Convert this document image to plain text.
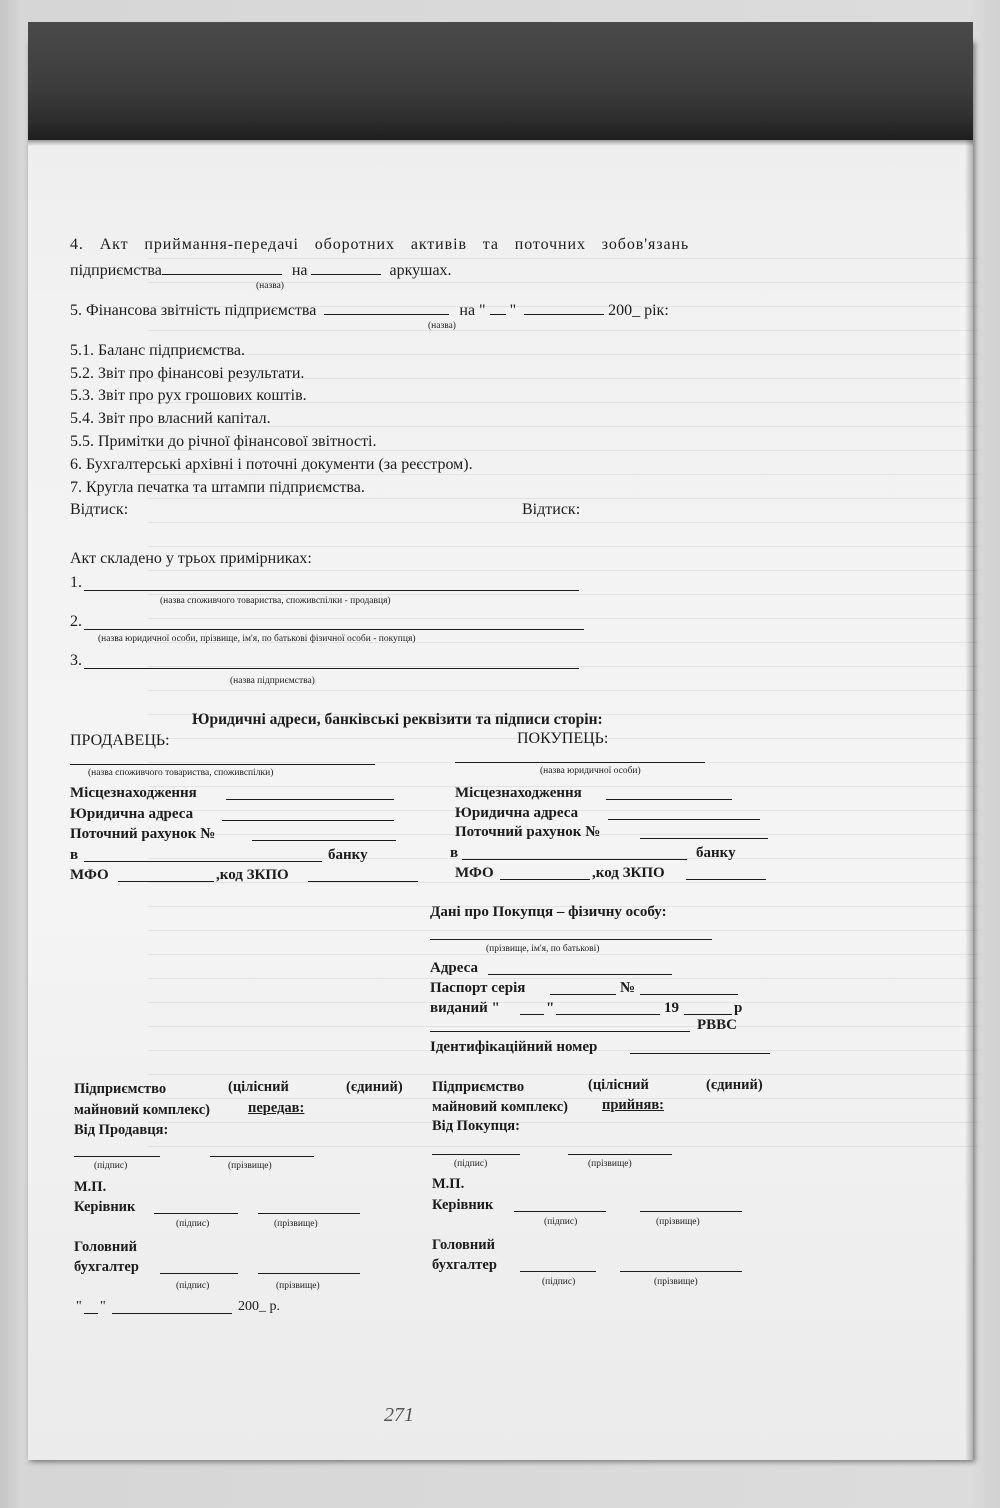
4. Акт приймання-передачі оборотних активів та поточних зобов'язань
підприємства	на	аркушах.
(назва)
5. Фінансова звітність підприємства	на "  "	200_ рік:
(назва)
5.1. Баланс підприємства.
5.2. Звіт про фінансові результати.
5.3. Звіт про рух грошових коштів.
5.4. Звіт про власний капітал.
5.5. Примітки до річної фінансової звітності.
6. Бухгалтерські архівні і поточні документи (за реєстром).
7. Кругла печатка та штампи підприємства.
Відтиск:	Відтиск:
Акт складено у трьох примірниках:
1.
(назва споживчого товариства, споживспілки - продавця)
2.
(назва юридичної особи, прізвище, ім'я, по батькові фізичної особи - покупця)
3.
(назва підприємства)
Юридичні адреси, банківські реквізити та підписи сторін:
ПРОДАВЕЦЬ:	ПОКУПЕЦЬ:
(назва споживчого товариства, споживспілки)	(назва юридичної особи)
Місцезнаходження
Юридична адреса
Поточний рахунок №
в	банку
МФО	,код ЗКПО
Місцезнаходження
Юридична адреса
Поточний рахунок №
в	банку
МФО	,код ЗКПО
Дані про Покупця – фізичну особу:
(прізвище, ім'я, по батькові)
Адреса
Паспорт серія	№
виданий "	"	19	р
РВВС
Ідентифікаційний номер
Підприємство	(цілісний	(єдиний)
майновий комплекс)	передав:
Від Продавця:
(підпис)	(прізвище)
М.П.
Керівник
(підпис)	(прізвище)
Головний
бухгалтер
(підпис)	(прізвище)
" "	200_ р.
Підприємство	(цілісний	(єдиний)
майновий комплекс) прийняв:
Від Покупця:
(підпис)	(прізвище)
М.П.
Керівник
(підпис)	(прізвище)
Головний
бухгалтер
(підпис)	(прізвище)
271
